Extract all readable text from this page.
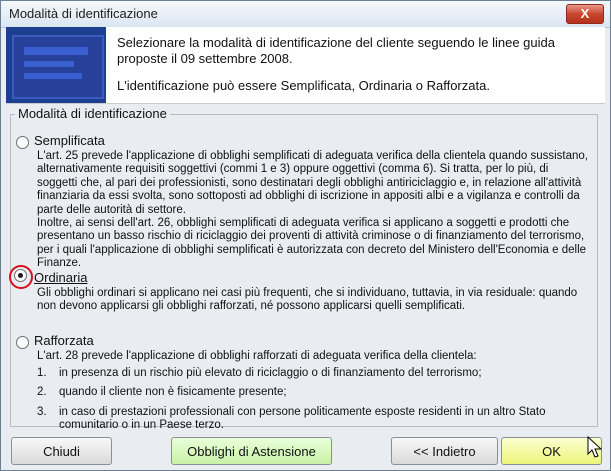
Modalità di identificazione	X
Selezionare la modalità di identificazione del cliente seguendo le linee guida proposte il 09 settembre 2008.
L'identificazione può essere Semplificata, Ordinaria o Rafforzata.
Modalità di identificazione
Semplificata
L'art. 25 prevede l'applicazione di obblighi semplificati di adeguata verifica della clientela quando sussistano, alternativamente requisiti soggettivi (commi 1 e 3) oppure oggettivi (comma 6). Si tratta, per lo più, di soggetti che, al pari dei professionisti, sono destinatari degli obblighi antiriciclaggio e, in relazione all'attività finanziaria da essi svolta, sono sottoposti ad obblighi di iscrizione in appositi albi e a vigilanza e controlli da parte delle autorità di settore.
Inoltre, ai sensi dell'art. 26, obblighi semplificati di adeguata verifica si applicano a soggetti e prodotti che presentano un basso rischio di riciclaggio dei proventi di attività criminose o di finanziamento del terrorismo, per i quali l'applicazione di obblighi semplificati è autorizzata con decreto del Ministero dell'Economia e delle Finanze.
Ordinaria
Gli obblighi ordinari si applicano nei casi più frequenti, che si individuano, tuttavia, in via residuale: quando non devono applicarsi gli obblighi rafforzati, né possono applicarsi quelli semplificati.
Rafforzata
L'art. 28 prevede l'applicazione di obblighi rafforzati di adeguata verifica della clientela:
1. in presenza di un rischio più elevato di riciclaggio o di finanziamento del terrorismo;
2. quando il cliente non è fisicamente presente;
3. in caso di prestazioni professionali con persone politicamente esposte residenti in un altro Stato comunitario o in un Paese terzo.
Chiudi	Obblighi di Astensione	<< Indietro	OK
